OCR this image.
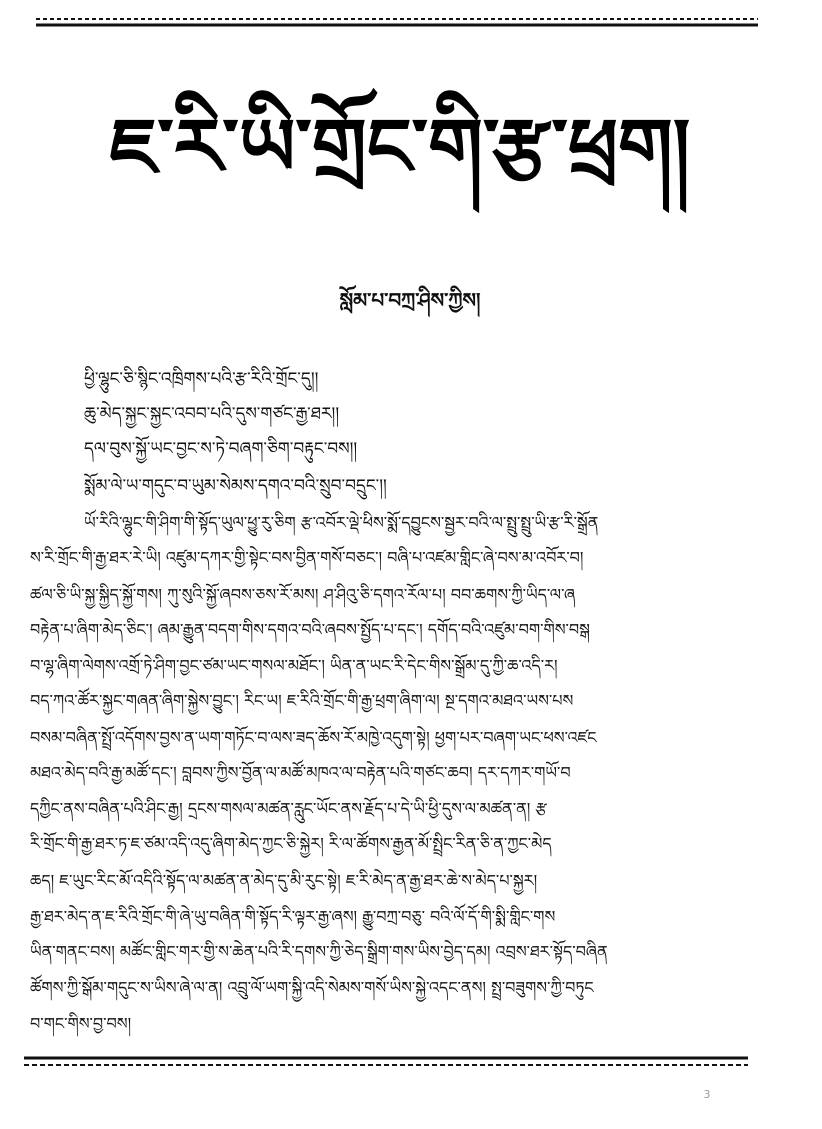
ཇ་རི་ཡི་གྲོང་གི་རྩ་ཕྲག།
སློམ་པ་བཀྲ་ཤིས་ཀྱིས།
ཕྱི་ལྷུང་ཅི་སྙིང་འཁྲིགས་པའི་རྩ་རིའི་གྲོང་དུ།།
ཆུ་མེད་སྐྱང་སྐྱང་འབབ་པའི་དུས་གཙང་རྒྱ་ཐར།།
དལ་བུས་སྐྱོ་ཡང་བྱང་ས་ཏེ་བཞག་ཅིག་བརྟུང་བས།།
སྨོམ་ལེ་ཡ་གདུང་བ་ཡུམ་སེམས་དགའ་བའི་སྲུབ་བདྲུང་།།
ཡོ་རིའི་ལྷུང་གི་ཤིག་གི་སྟོད་ཡུལ་ཕྱུ་རུ་ཅིག རྩ་འབོར་ལྡེ་ཕིས་སྨོ་དབྱུངས་སྦྱར་བའི་ལ་སྤྲུ་སྤྲུ་ཡི་རྩ་རི་སྒྲོན
ས་རི་གྲོང་གི་རྒྱ་ཐར་རེ་ཡི། འཛུམ་དཀར་གྱི་སྟེང་བས་བྱིན་གསོ་བཅང་། བཞི་པ་འཛམ་གླིང་ཞེ་བས་མ་འབོར་བ།
ཚལ་ཅི་ཡི་སྐྱ་སྐྱིད་སྐྱོ་གས། ཀུ་སུའི་སྐྱོ་ཞབས་ཅས་རོ་མས། ཤ་ཤིའུ་ཅི་དགའ་རོལ་པ། བབ་ཆགས་ཀྱི་ཡིད་ལ་ཞ
བརྟེན་པ་ཞིག་མེད་ཅིང་། ཞམ་རྒྱུན་བདག་གིས་དགའ་བའི་ཞབས་སྤྱོད་པ་དང་། དགོད་བའི་འཛུམ་བག་གིས་བསྒ
བ་ལྷ་ཞིག་ལེགས་འགྲོ་ཏེ་ཤིག་བྱང་ཙམ་ཡང་གསལ་མཐོང་། ཡིན་ན་ཡང་རི་དེང་གིས་སྒྲོམ་དུ་ཀྱི་ཆ་འདི་ར།
བད་ཀའ་ཚོར་སྐྱང་གཞན་ཞིག་སྐྱེས་བྱུང་། རིང་ཡ། ཇ་རིའི་གྲོང་གི་རྒྱ་ཕྲག་ཞིག་ལ། སྔ་དགའ་མཐའ་ཡས་པས
བསམ་བཞིན་སྤྲོ་འདོགས་བྱས་ན་ཡག་གཏོང་བ་ལས་ཟད་ཆོས་རོ་མཁྱེ་འདུག་སྟེ། ཕྱག་པར་བཞག་ཡང་ཕས་འཛང
མཐའ་མེད་བའི་རྒྱ་མཚོ་དང་། བླབས་ཀྱིས་བྱོན་ལ་མཚོ་མཁའ་ལ་བརྟེན་པའི་གཙང་ཆབ། དར་དཀར་གཡོ་བ
དཀྱིང་ནས་བཞིན་པའི་ཤིང་རྒྱ། དྲངས་གསལ་མཚན་རླུང་ཡོང་ནས་རྗོད་པ་དེ་ཡི་ཕྱི་དུས་ལ་མཚན་ན། རྩ
རི་གྲོང་གི་རྒྱ་ཐར་ཏ་ཇ་ཙམ་འདི་འདུ་ཞིག་མེད་ཀྱང་ཅི་སྐྱེར། རི་ལ་ཚོགས་རྒྱན་མོ་སྤྲིང་རིན་ཅི་ན་ཀྱང་མེད
ཆད། ཇ་ཡུང་རིང་མོ་འདིའི་སྟོད་ལ་མཚན་ན་མེད་དུ་མི་རུང་སྟེ། ཇ་རི་མེད་ན་རྒྱ་ཐར་ཆེ་ས་མེད་པ་སྐྱར།
རྒྱ་ཐར་མེད་ན་ཇ་རིའི་གྲོང་གི་ཞེ་ཡུ་བཞིན་གི་སྟོད་རི་ལྟར་རྒྱ་ཞས། རྒྱུ་བཀྲ་བཅུ་ བའི་ལོ་དོ་གི་སྨི་གླིང་གས
ཡིན་གནང་བས། མཚོང་གླིང་གར་གྱི་ས་ཆེན་པའི་རི་དགས་ཀྱི་ཅེད་སྒྲིག་གས་ཡིས་བྱེད་དམ། འབྲས་ཐར་སྟོད་བཞིན
ཚོགས་ཀྱི་སྒོམ་གདུང་ས་ཡིས་ཞེ་ལ་ན། འབྲུ་ལོ་ཡག་སྐྱི་འདི་སེམས་གསོ་ཡིས་སྐྱེ་འདང་ནས། སྤྲ་བཟུགས་ཀྱི་བཏུང
བ་གང་གིས་བྱ་བས།
3
